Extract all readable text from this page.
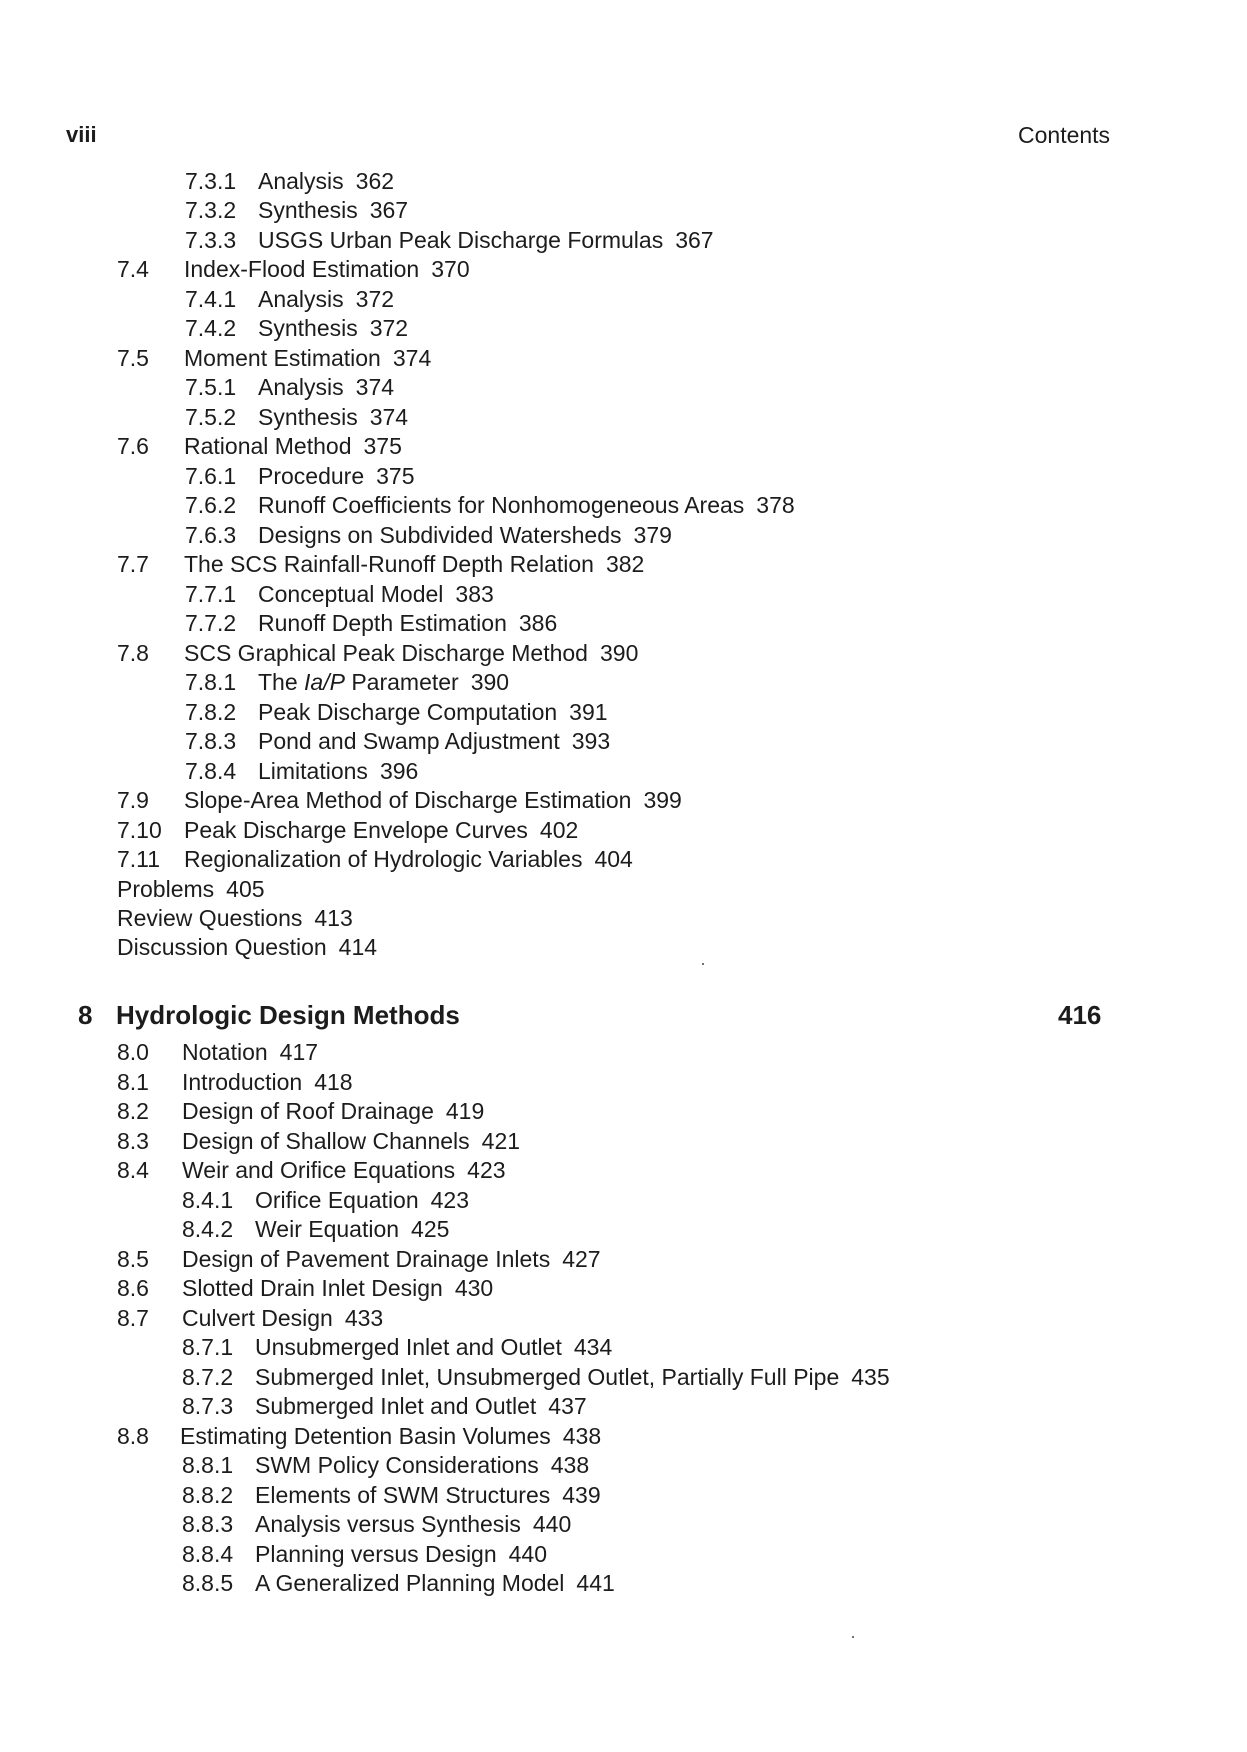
viii	Contents
7.3.1 Analysis 362
7.3.2 Synthesis 367
7.3.3 USGS Urban Peak Discharge Formulas 367
7.4 Index-Flood Estimation 370
7.4.1 Analysis 372
7.4.2 Synthesis 372
7.5 Moment Estimation 374
7.5.1 Analysis 374
7.5.2 Synthesis 374
7.6 Rational Method 375
7.6.1 Procedure 375
7.6.2 Runoff Coefficients for Nonhomogeneous Areas 378
7.6.3 Designs on Subdivided Watersheds 379
7.7 The SCS Rainfall-Runoff Depth Relation 382
7.7.1 Conceptual Model 383
7.7.2 Runoff Depth Estimation 386
7.8 SCS Graphical Peak Discharge Method 390
7.8.1 The Ia/P Parameter 390
7.8.2 Peak Discharge Computation 391
7.8.3 Pond and Swamp Adjustment 393
7.8.4 Limitations 396
7.9 Slope-Area Method of Discharge Estimation 399
7.10 Peak Discharge Envelope Curves 402
7.11 Regionalization of Hydrologic Variables 404
Problems 405
Review Questions 413
Discussion Question 414
8.0 Notation 417
8.1 Introduction 418
8.2 Design of Roof Drainage 419
8.3 Design of Shallow Channels 421
8.4 Weir and Orifice Equations 423
8.4.1 Orifice Equation 423
8.4.2 Weir Equation 425
8.5 Design of Pavement Drainage Inlets 427
8.6 Slotted Drain Inlet Design 430
8.7 Culvert Design 433
8.7.1 Unsubmerged Inlet and Outlet 434
8.7.2 Submerged Inlet, Unsubmerged Outlet, Partially Full Pipe 435
8.7.3 Submerged Inlet and Outlet 437
8.8 Estimating Detention Basin Volumes 438
8.8.1 SWM Policy Considerations 438
8.8.2 Elements of SWM Structures 439
8.8.3 Analysis versus Synthesis 440
8.8.4 Planning versus Design 440
8.8.5 A Generalized Planning Model 441
8 Hydrologic Design Methods	416
